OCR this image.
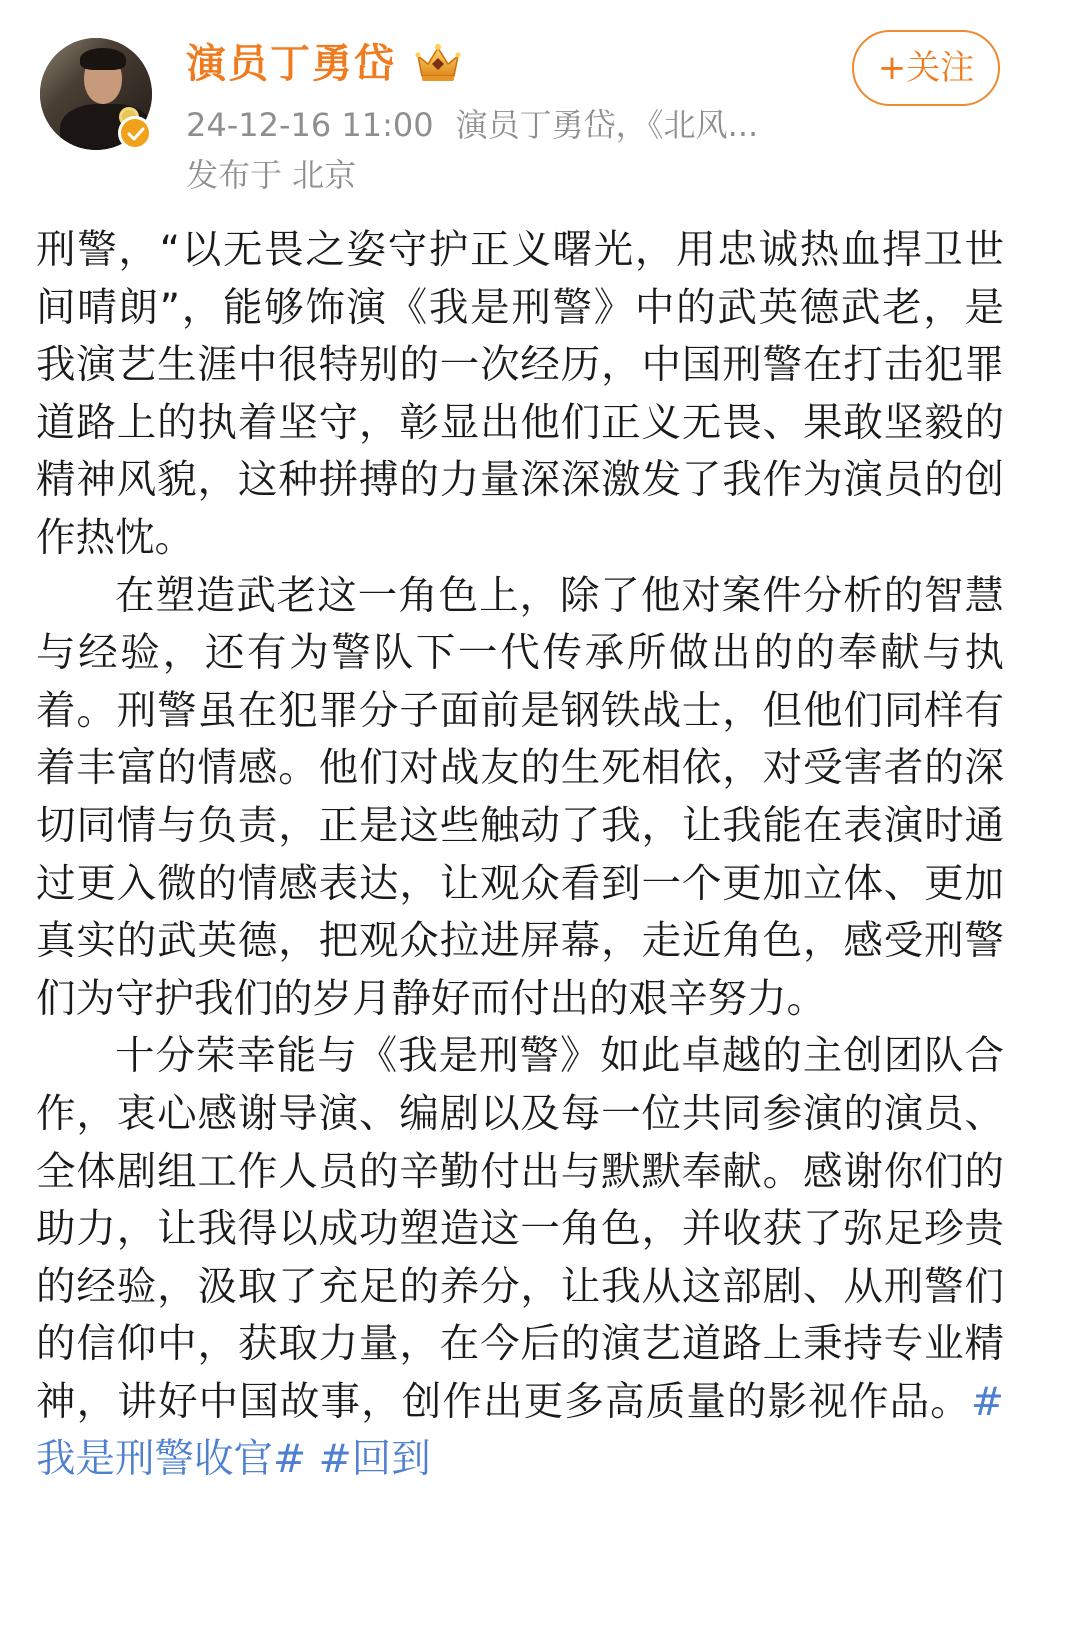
演员丁勇岱
24-12-16 11:00 演员丁勇岱，《北风...
发布于 北京
+关注

刑警，“以无畏之姿守护正义曙光，用忠诚热血捍卫世间晴朗”，能够饰演《我是刑警》中的武英德武老，是我演艺生涯中很特别的一次经历，中国刑警在打击犯罪道路上的执着坚守，彰显出他们正义无畏、果敢坚毅的精神风貌，这种拼搏的力量深深激发了我作为演员的创作热忱。

在塑造武老这一角色上，除了他对案件分析的智慧与经验，还有为警队下一代传承所做出的的奉献与执着。刑警虽在犯罪分子面前是钢铁战士，但他们同样有着丰富的情感。他们对战友的生死相依，对受害者的深切同情与负责，正是这些触动了我，让我能在表演时通过更入微的情感表达，让观众看到一个更加立体、更加真实的武英德，把观众拉进屏幕，走近角色，感受刑警们为守护我们的岁月静好而付出的艰辛努力。

十分荣幸能与《我是刑警》如此卓越的主创团队合作，衷心感谢导演、编剧以及每一位共同参演的演员、全体剧组工作人员的辛勤付出与默默奉献。感谢你们的助力，让我得以成功塑造这一角色，并收获了弥足珍贵的经验，汲取了充足的养分，让我从这部剧、从刑警们的信仰中，获取力量，在今后的演艺道路上秉持专业精神，讲好中国故事，创作出更多高质量的影视作品。#我是刑警收官# #回到
